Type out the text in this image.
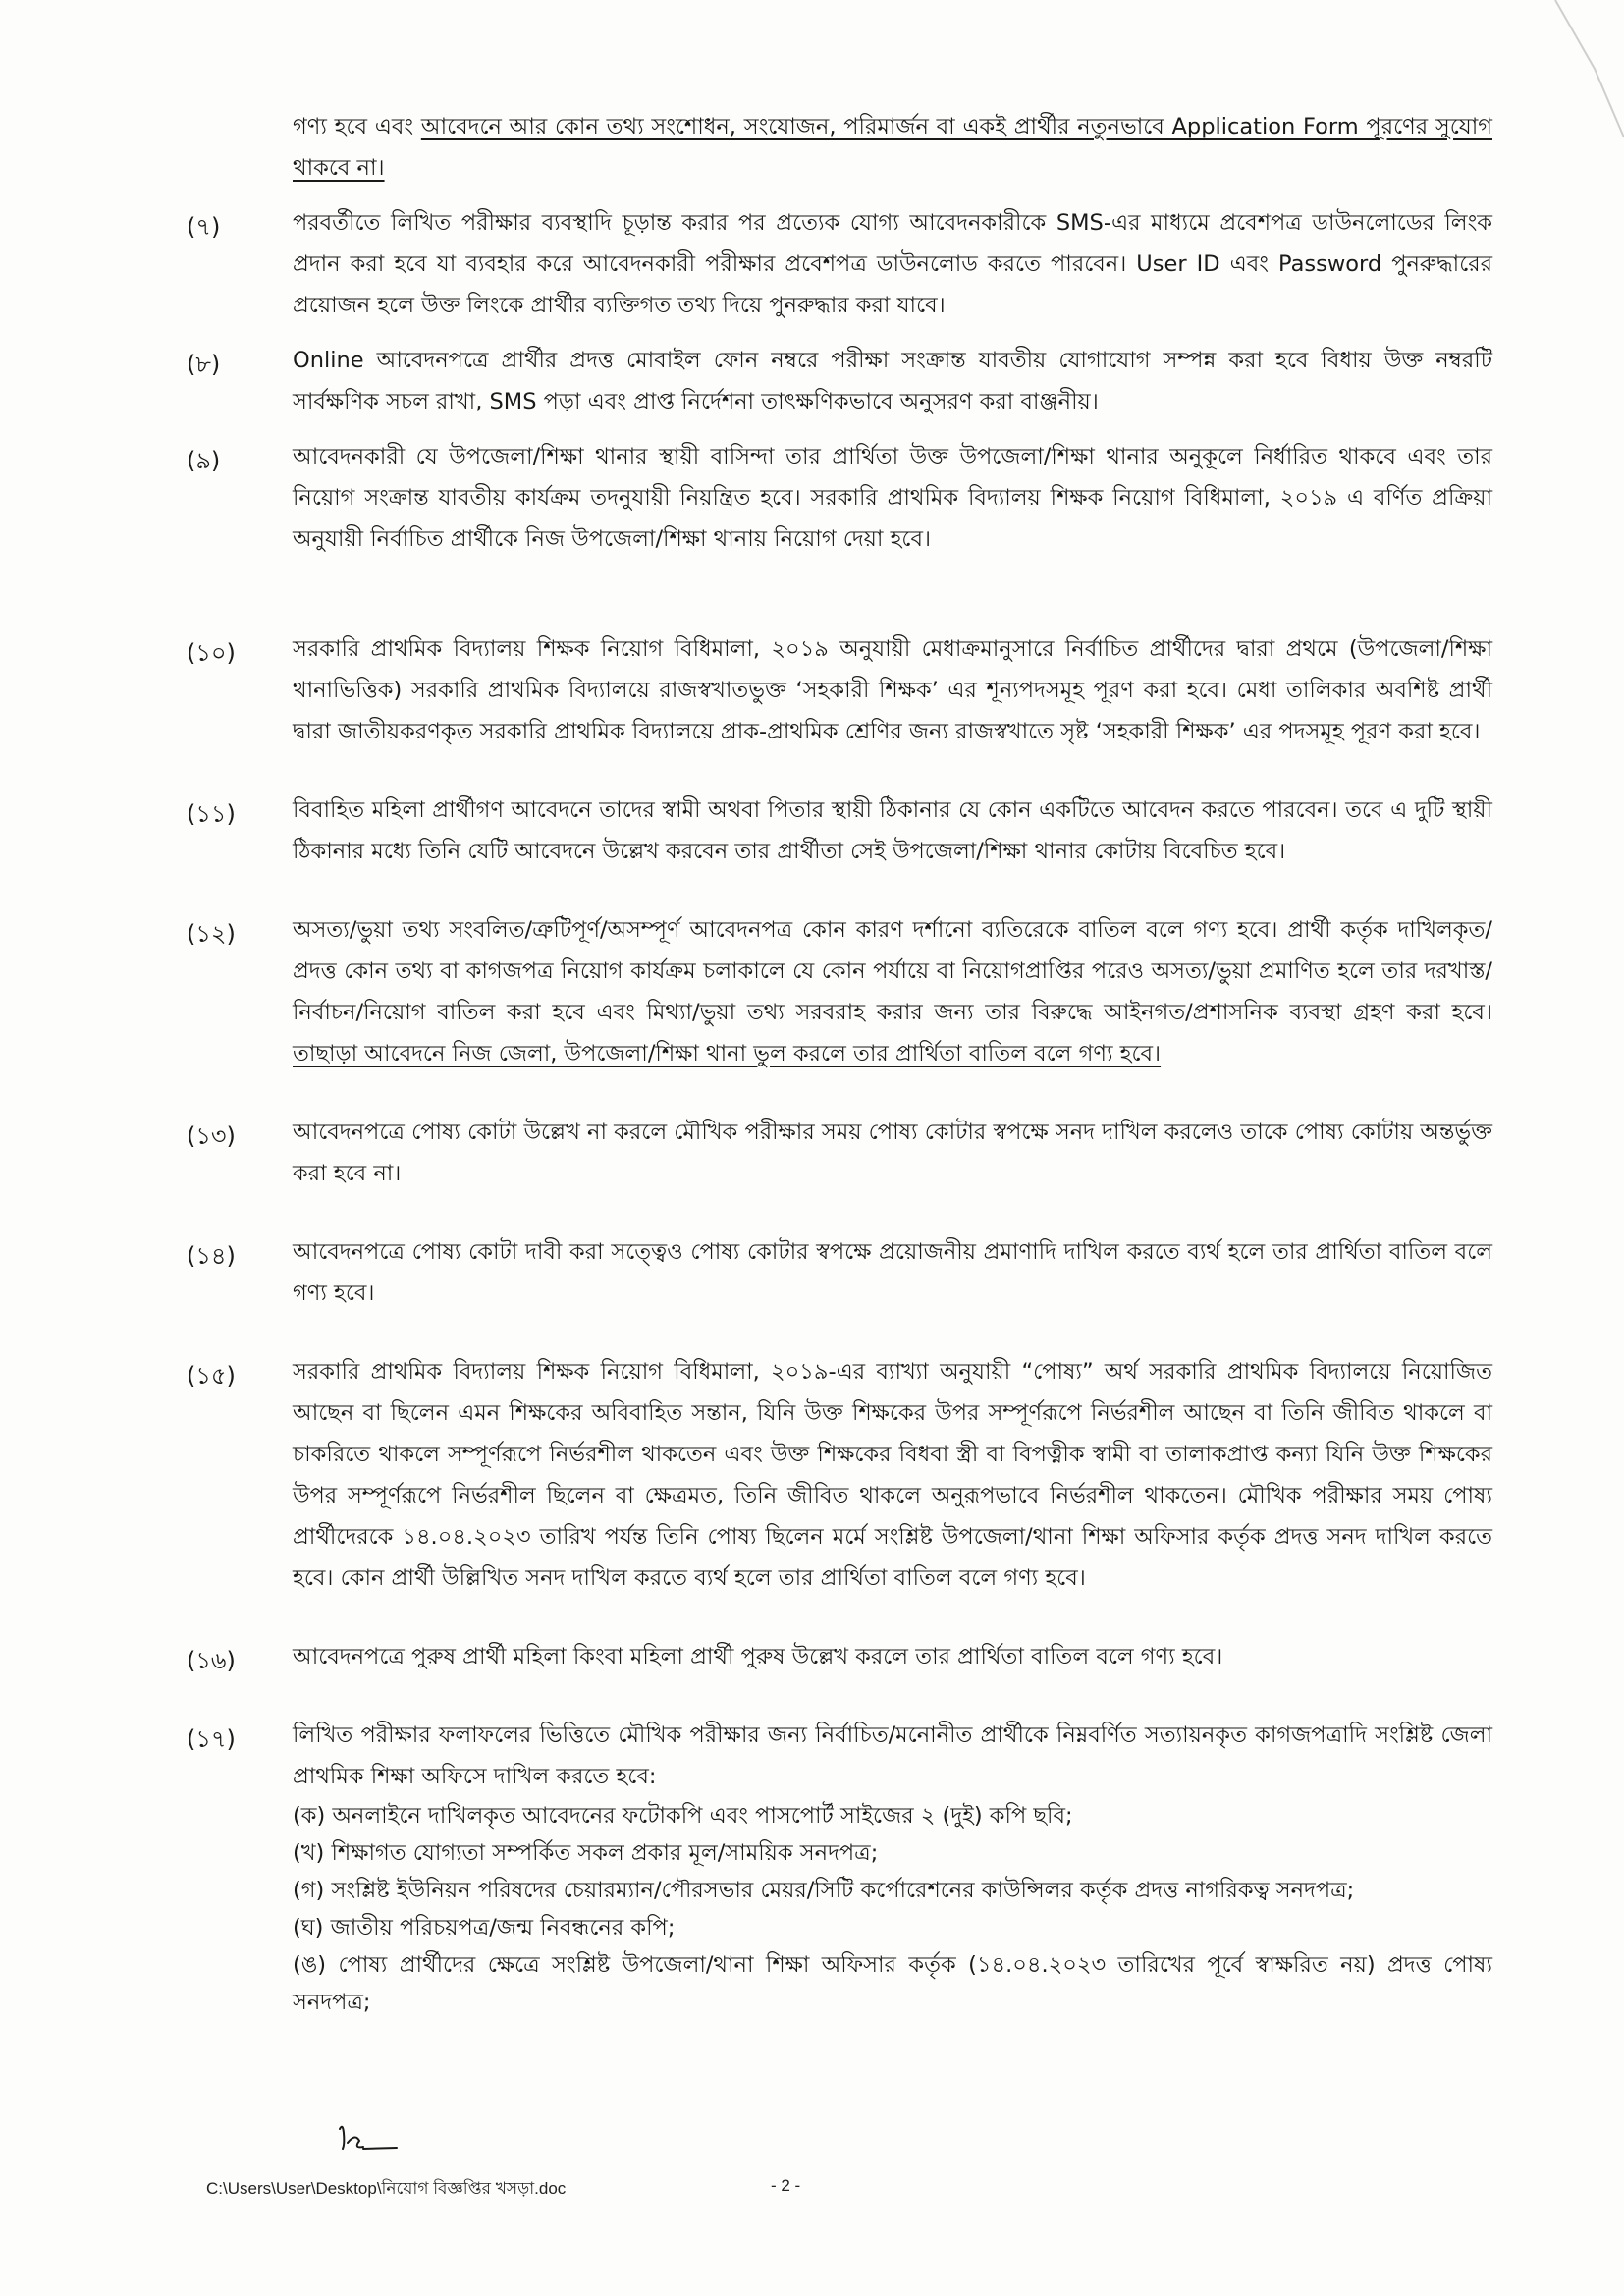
গণ্য হবে এবং আবেদনে আর কোন তথ্য সংশোধন, সংযোজন, পরিমার্জন বা একই প্রার্থীর নতুনভাবে Application Form পূরণের সুযোগ থাকবে না।
(৭)	পরবর্তীতে লিখিত পরীক্ষার ব্যবস্থাদি চূড়ান্ত করার পর প্রত্যেক যোগ্য আবেদনকারীকে SMS-এর মাধ্যমে প্রবেশপত্র ডাউনলোডের লিংক প্রদান করা হবে যা ব্যবহার করে আবেদনকারী পরীক্ষার প্রবেশপত্র ডাউনলোড করতে পারবেন। User ID এবং Password পুনরুদ্ধারের প্রয়োজন হলে উক্ত লিংকে প্রার্থীর ব্যক্তিগত তথ্য দিয়ে পুনরুদ্ধার করা যাবে।
(৮)	Online আবেদনপত্রে প্রার্থীর প্রদত্ত মোবাইল ফোন নম্বরে পরীক্ষা সংক্রান্ত যাবতীয় যোগাযোগ সম্পন্ন করা হবে বিধায় উক্ত নম্বরটি সার্বক্ষণিক সচল রাখা, SMS পড়া এবং প্রাপ্ত নির্দেশনা তাৎক্ষণিকভাবে অনুসরণ করা বাঞ্জনীয়।
(৯)	আবেদনকারী যে উপজেলা/শিক্ষা থানার স্থায়ী বাসিন্দা তার প্রার্থিতা উক্ত উপজেলা/শিক্ষা থানার অনুকূলে নির্ধারিত থাকবে এবং তার নিয়োগ সংক্রান্ত যাবতীয় কার্যক্রম তদনুযায়ী নিয়ন্ত্রিত হবে। সরকারি প্রাথমিক বিদ্যালয় শিক্ষক নিয়োগ বিধিমালা, ২০১৯ এ বর্ণিত প্রক্রিয়া অনুযায়ী নির্বাচিত প্রার্থীকে নিজ উপজেলা/শিক্ষা থানায় নিয়োগ দেয়া হবে।
(১০)	সরকারি প্রাথমিক বিদ্যালয় শিক্ষক নিয়োগ বিধিমালা, ২০১৯ অনুযায়ী মেধাক্রমানুসারে নির্বাচিত প্রার্থীদের দ্বারা প্রথমে (উপজেলা/শিক্ষা থানাভিত্তিক) সরকারি প্রাথমিক বিদ্যালয়ে রাজস্বখাতভুক্ত ‘সহকারী শিক্ষক’ এর শূন্যপদসমূহ পূরণ করা হবে। মেধা তালিকার অবশিষ্ট প্রার্থী দ্বারা জাতীয়করণকৃত সরকারি প্রাথমিক বিদ্যালয়ে প্রাক-প্রাথমিক শ্রেণির জন্য রাজস্বখাতে সৃষ্ট ‘সহকারী শিক্ষক’ এর পদসমূহ পূরণ করা হবে।
(১১)	বিবাহিত মহিলা প্রার্থীগণ আবেদনে তাদের স্বামী অথবা পিতার স্থায়ী ঠিকানার যে কোন একটিতে আবেদন করতে পারবেন। তবে এ দুটি স্থায়ী ঠিকানার মধ্যে তিনি যেটি আবেদনে উল্লেখ করবেন তার প্রার্থীতা সেই উপজেলা/শিক্ষা থানার কোটায় বিবেচিত হবে।
(১২)	অসত্য/ভুয়া তথ্য সংবলিত/ত্রুটিপূর্ণ/অসম্পূর্ণ আবেদনপত্র কোন কারণ দর্শানো ব্যতিরেকে বাতিল বলে গণ্য হবে। প্রার্থী কর্তৃক দাখিলকৃত/প্রদত্ত কোন তথ্য বা কাগজপত্র নিয়োগ কার্যক্রম চলাকালে যে কোন পর্যায়ে বা নিয়োগপ্রাপ্তির পরেও অসত্য/ভুয়া প্রমাণিত হলে তার দরখাস্ত/নির্বাচন/নিয়োগ বাতিল করা হবে এবং মিথ্যা/ভুয়া তথ্য সরবরাহ করার জন্য তার বিরুদ্ধে আইনগত/প্রশাসনিক ব্যবস্থা গ্রহণ করা হবে। তাছাড়া আবেদনে নিজ জেলা, উপজেলা/শিক্ষা থানা ভুল করলে তার প্রার্থিতা বাতিল বলে গণ্য হবে।
(১৩)	আবেদনপত্রে পোষ্য কোটা উল্লেখ না করলে মৌখিক পরীক্ষার সময় পোষ্য কোটার স্বপক্ষে সনদ দাখিল করলেও তাকে পোষ্য কোটায় অন্তর্ভুক্ত করা হবে না।
(১৪)	আবেদনপত্রে পোষ্য কোটা দাবী করা সত্ত্বেও পোষ্য কোটার স্বপক্ষে প্রয়োজনীয় প্রমাণাদি দাখিল করতে ব্যর্থ হলে তার প্রার্থিতা বাতিল বলে গণ্য হবে।
(১৫)	সরকারি প্রাথমিক বিদ্যালয় শিক্ষক নিয়োগ বিধিমালা, ২০১৯-এর ব্যাখ্যা অনুযায়ী “পোষ্য” অর্থ সরকারি প্রাথমিক বিদ্যালয়ে নিয়োজিত আছেন বা ছিলেন এমন শিক্ষকের অবিবাহিত সন্তান, যিনি উক্ত শিক্ষকের উপর সম্পূর্ণরূপে নির্ভরশীল আছেন বা তিনি জীবিত থাকলে বা চাকরিতে থাকলে সম্পূর্ণরূপে নির্ভরশীল থাকতেন এবং উক্ত শিক্ষকের বিধবা স্ত্রী বা বিপত্নীক স্বামী বা তালাকপ্রাপ্ত কন্যা যিনি উক্ত শিক্ষকের উপর সম্পূর্ণরূপে নির্ভরশীল ছিলেন বা ক্ষেত্রমত, তিনি জীবিত থাকলে অনুরূপভাবে নির্ভরশীল থাকতেন। মৌখিক পরীক্ষার সময় পোষ্য প্রার্থীদেরকে ১৪.০৪.২০২৩ তারিখ পর্যন্ত তিনি পোষ্য ছিলেন মর্মে সংশ্লিষ্ট উপজেলা/থানা শিক্ষা অফিসার কর্তৃক প্রদত্ত সনদ দাখিল করতে হবে। কোন প্রার্থী উল্লিখিত সনদ দাখিল করতে ব্যর্থ হলে তার প্রার্থিতা বাতিল বলে গণ্য হবে।
(১৬)	আবেদনপত্রে পুরুষ প্রার্থী মহিলা কিংবা মহিলা প্রার্থী পুরুষ উল্লেখ করলে তার প্রার্থিতা বাতিল বলে গণ্য হবে।
(১৭)	লিখিত পরীক্ষার ফলাফলের ভিত্তিতে মৌখিক পরীক্ষার জন্য নির্বাচিত/মনোনীত প্রার্থীকে নিম্নবর্ণিত সত্যায়নকৃত কাগজপত্রাদি সংশ্লিষ্ট জেলা প্রাথমিক শিক্ষা অফিসে দাখিল করতে হবে:
(ক) অনলাইনে দাখিলকৃত আবেদনের ফটোকপি এবং পাসপোর্ট সাইজের ২ (দুই) কপি ছবি;
(খ) শিক্ষাগত যোগ্যতা সম্পর্কিত সকল প্রকার মূল/সাময়িক সনদপত্র;
(গ) সংশ্লিষ্ট ইউনিয়ন পরিষদের চেয়ারম্যান/পৌরসভার মেয়র/সিটি কর্পোরেশনের কাউন্সিলর কর্তৃক প্রদত্ত নাগরিকত্ব সনদপত্র;
(ঘ) জাতীয় পরিচয়পত্র/জন্ম নিবন্ধনের কপি;
(ঙ) পোষ্য প্রার্থীদের ক্ষেত্রে সংশ্লিষ্ট উপজেলা/থানা শিক্ষা অফিসার কর্তৃক (১৪.০৪.২০২৩ তারিখের পূর্বে স্বাক্ষরিত নয়) প্রদত্ত পোষ্য সনদপত্র;
C:\Users\User\Desktop\নিয়োগ বিজ্ঞপ্তির খসড়া.doc	- 2 -
